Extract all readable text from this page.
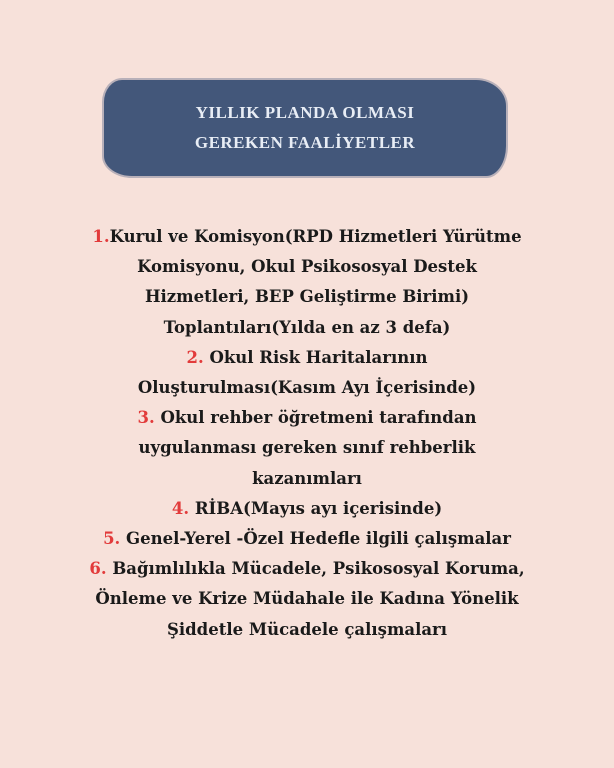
YILLIK PLANDA OLMASI
GEREKEN FAALİYETLER
1.Kurul ve Komisyon(RPD Hizmetleri Yürütme
Komisyonu, Okul Psikososyal Destek
Hizmetleri, BEP Geliştirme Birimi)
Toplantıları(Yılda en az 3 defa)
2. Okul Risk Haritalarının
Oluşturulması(Kasım Ayı İçerisinde)
3. Okul rehber öğretmeni tarafından
uygulanması gereken sınıf rehberlik
kazanımları
4. RİBA(Mayıs ayı içerisinde)
5. Genel-Yerel -Özel Hedefle ilgili çalışmalar
6. Bağımlılıkla Mücadele, Psikososyal Koruma,
Önleme ve Krize Müdahale ile Kadına Yönelik
Şiddetle Mücadele çalışmaları
